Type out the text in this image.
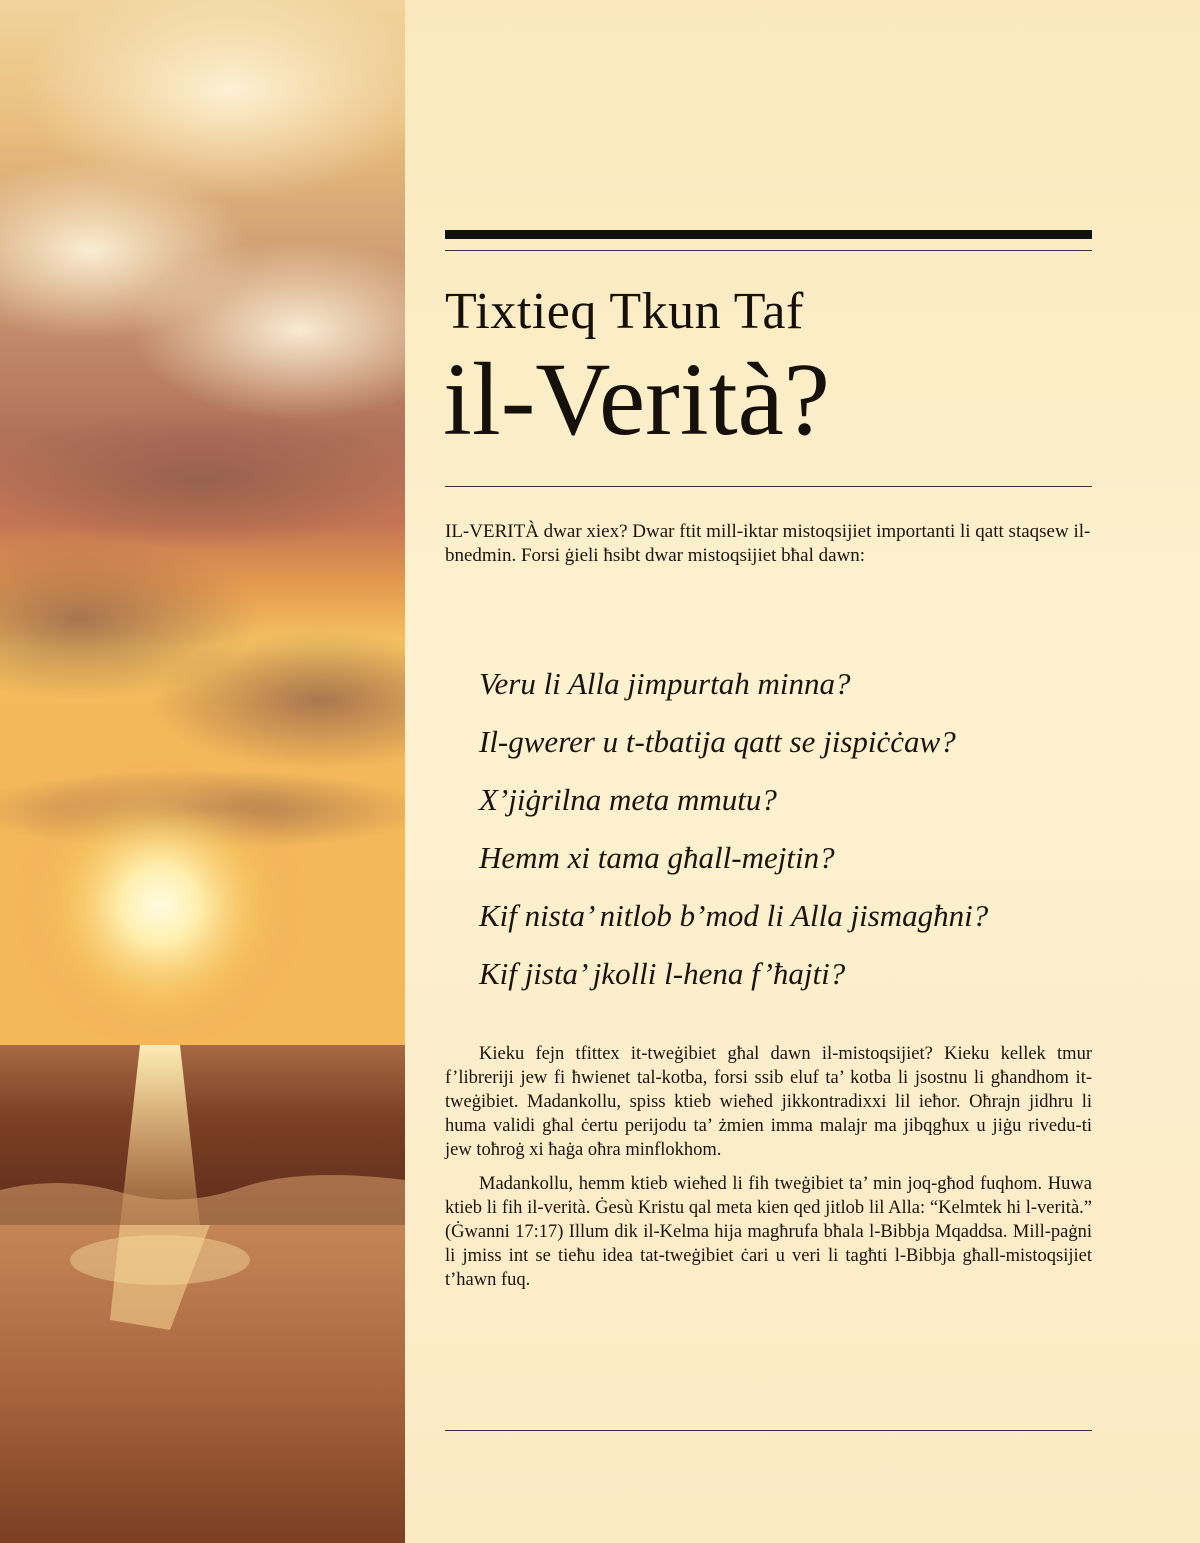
Tixtieq Tkun Taf
il-Verità?

IL-VERITÀ dwar xiex? Dwar ftit mill-iktar mistoqsijiet importanti li qatt staqsew il-bnedmin. Forsi ġieli ħsibt dwar mistoqsijiet bħal dawn:

Veru li Alla jimpurtah minna?
Il-gwerer u t-tbatija qatt se jispiċċaw?
X’jiġrilna meta mmutu?
Hemm xi tama għall-mejtin?
Kif nista’ nitlob b’mod li Alla jismagħni?
Kif jista’ jkolli l-hena f’ħajti?

Kieku fejn tfittex it-tweġibiet għal dawn il-mistoqsijiet? Kieku kellek tmur f’libreriji jew fi ħwienet tal-kotba, forsi ssib eluf ta’ kotba li jsostnu li għandhom it-tweġibiet. Madankollu, spiss ktieb wieħed jikkontradixxi lil ieħor. Oħrajn jidhru li huma validi għal ċertu perijodu ta’ żmien imma malajr ma jibqgħux u jiġu rivedu-ti jew toħroġ xi ħaġa oħra minflokhom.

Madankollu, hemm ktieb wieħed li fih tweġibiet ta’ min joq-għod fuqhom. Huwa ktieb li fih il-verità. Ġesù Kristu qal meta kien qed jitlob lil Alla: “Kelmtek hi l-verità.” (Ġwanni 17:17) Illum dik il-Kelma hija magħrufa bħala l-Bibbja Mqaddsa. Mill-paġni li jmiss int se tieħu idea tat-tweġibiet ċari u veri li tagħti l-Bibbja għall-mistoqsijiet t’hawn fuq.
